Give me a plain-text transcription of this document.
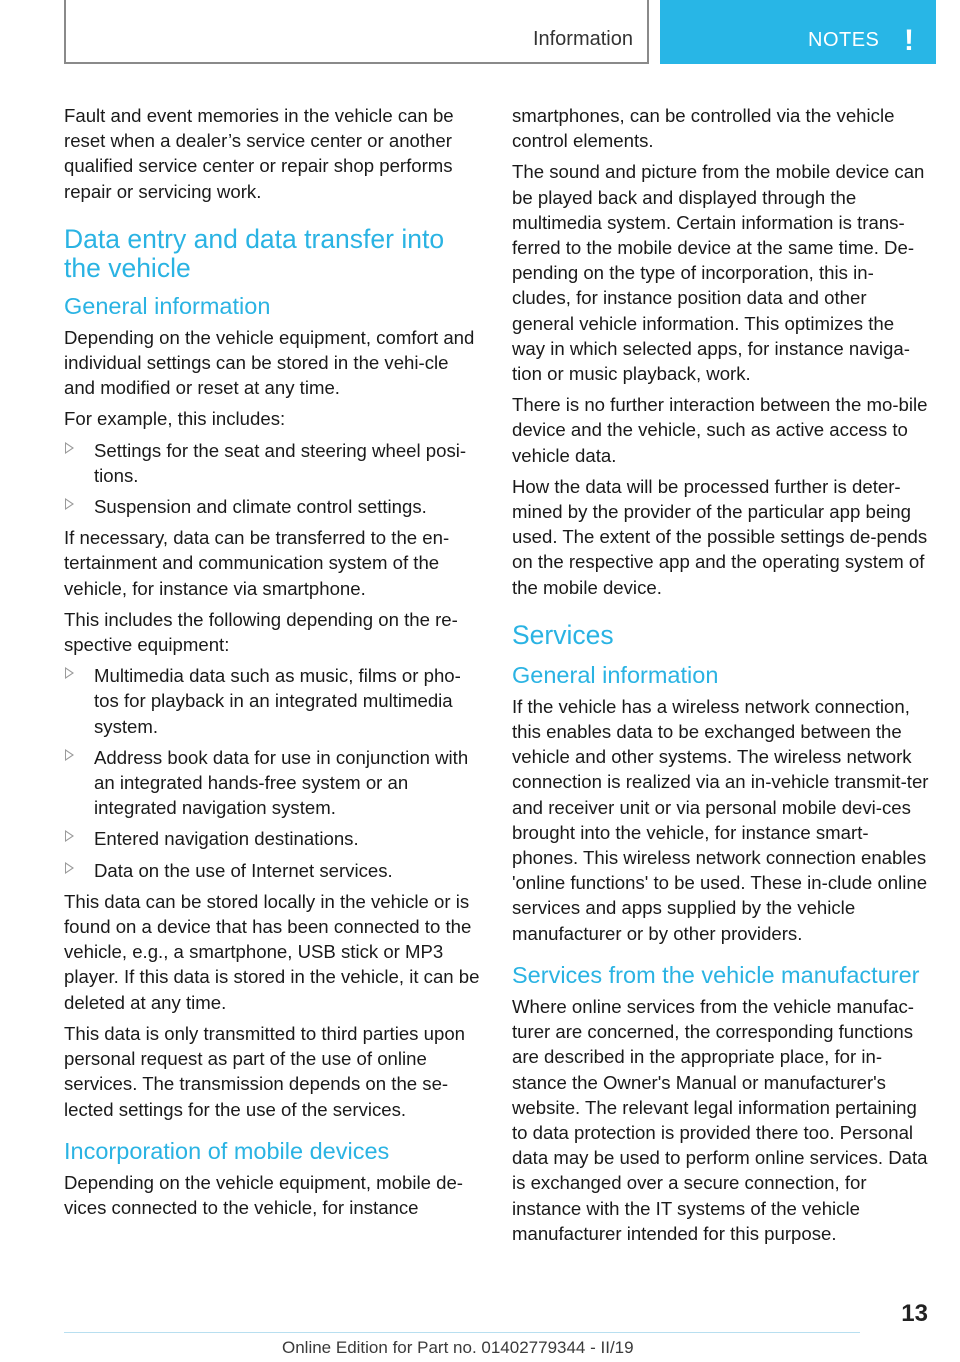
Information	NOTES !

Fault and event memories in the vehicle can be reset when a dealer’s service center or another qualified service center or repair shop performs repair or servicing work.

Data entry and data transfer into the vehicle
General information

Depending on the vehicle equipment, comfort and individual settings can be stored in the vehi-cle and modified or reset at any time.

For example, this includes:

Settings for the seat and steering wheel posi-tions.
Suspension and climate control settings.

If necessary, data can be transferred to the en-tertainment and communication system of the vehicle, for instance via smartphone.

This includes the following depending on the re-spective equipment:

Multimedia data such as music, films or pho-tos for playback in an integrated multimedia system.
Address book data for use in conjunction with an integrated hands-free system or an integrated navigation system.
Entered navigation destinations.
Data on the use of Internet services.

This data can be stored locally in the vehicle or is found on a device that has been connected to the vehicle, e.g., a smartphone, USB stick or MP3 player. If this data is stored in the vehicle, it can be deleted at any time.

This data is only transmitted to third parties upon personal request as part of the use of online services. The transmission depends on the se-lected settings for the use of the services.

Incorporation of mobile devices

Depending on the vehicle equipment, mobile de-vices connected to the vehicle, for instance

smartphones, can be controlled via the vehicle control elements.

The sound and picture from the mobile device can be played back and displayed through the multimedia system. Certain information is trans-ferred to the mobile device at the same time. De-pending on the type of incorporation, this in-cludes, for instance position data and other general vehicle information. This optimizes the way in which selected apps, for instance naviga-tion or music playback, work.

There is no further interaction between the mo-bile device and the vehicle, such as active access to vehicle data.

How the data will be processed further is deter-mined by the provider of the particular app being used. The extent of the possible settings de-pends on the respective app and the operating system of the mobile device.

Services
General information

If the vehicle has a wireless network connection, this enables data to be exchanged between the vehicle and other systems. The wireless network connection is realized via an in-vehicle transmit-ter and receiver unit or via personal mobile devi-ces brought into the vehicle, for instance smart-phones. This wireless network connection enables 'online functions' to be used. These in-clude online services and apps supplied by the vehicle manufacturer or by other providers.

Services from the vehicle manufacturer

Where online services from the vehicle manufac-turer are concerned, the corresponding functions are described in the appropriate place, for in-stance the Owner's Manual or manufacturer's website. The relevant legal information pertaining to data protection is provided there too. Personal data may be used to perform online services. Data is exchanged over a secure connection, for instance with the IT systems of the vehicle manufacturer intended for this purpose.

13
Online Edition for Part no. 01402779344 - II/19
